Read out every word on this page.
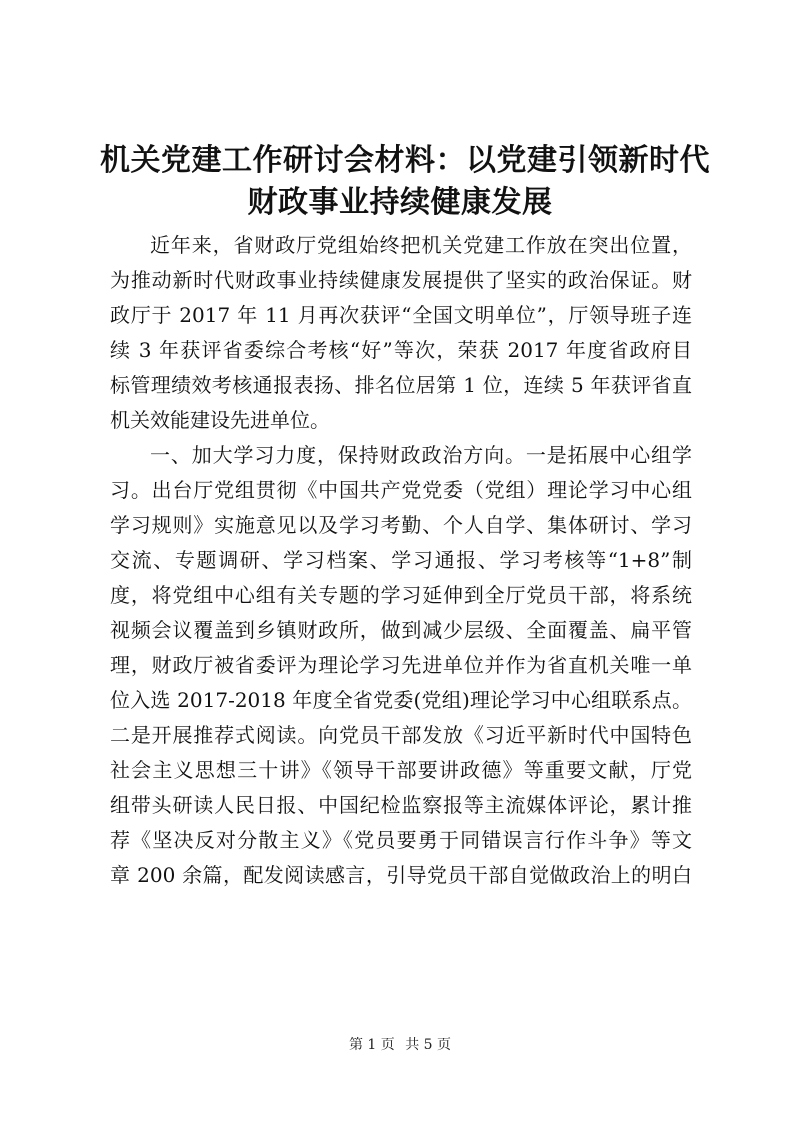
机关党建工作研讨会材料：以党建引领新时代
财政事业持续健康发展
近年来，省财政厅党组始终把机关党建工作放在突出位置，
为推动新时代财政事业持续健康发展提供了坚实的政治保证。财
政厅于 2017 年 11 月再次获评“全国文明单位”，厅领导班子连
续 3 年获评省委综合考核“好”等次，荣获 2017 年度省政府目
标管理绩效考核通报表扬、排名位居第 1 位，连续 5 年获评省直
机关效能建设先进单位。
一、加大学习力度，保持财政政治方向。一是拓展中心组学
习。出台厅党组贯彻《中国共产党党委（党组）理论学习中心组
学习规则》实施意见以及学习考勤、个人自学、集体研讨、学习
交流、专题调研、学习档案、学习通报、学习考核等“1+8”制
度，将党组中心组有关专题的学习延伸到全厅党员干部，将系统
视频会议覆盖到乡镇财政所，做到减少层级、全面覆盖、扁平管
理，财政厅被省委评为理论学习先进单位并作为省直机关唯一单
位入选 2017-2018 年度全省党委(党组)理论学习中心组联系点。
二是开展推荐式阅读。向党员干部发放《习近平新时代中国特色
社会主义思想三十讲》《领导干部要讲政德》等重要文献，厅党
组带头研读人民日报、中国纪检监察报等主流媒体评论，累计推
荐《坚决反对分散主义》《党员要勇于同错误言行作斗争》等文
章 200 余篇，配发阅读感言，引导党员干部自觉做政治上的明白
第 1 页 共 5 页
